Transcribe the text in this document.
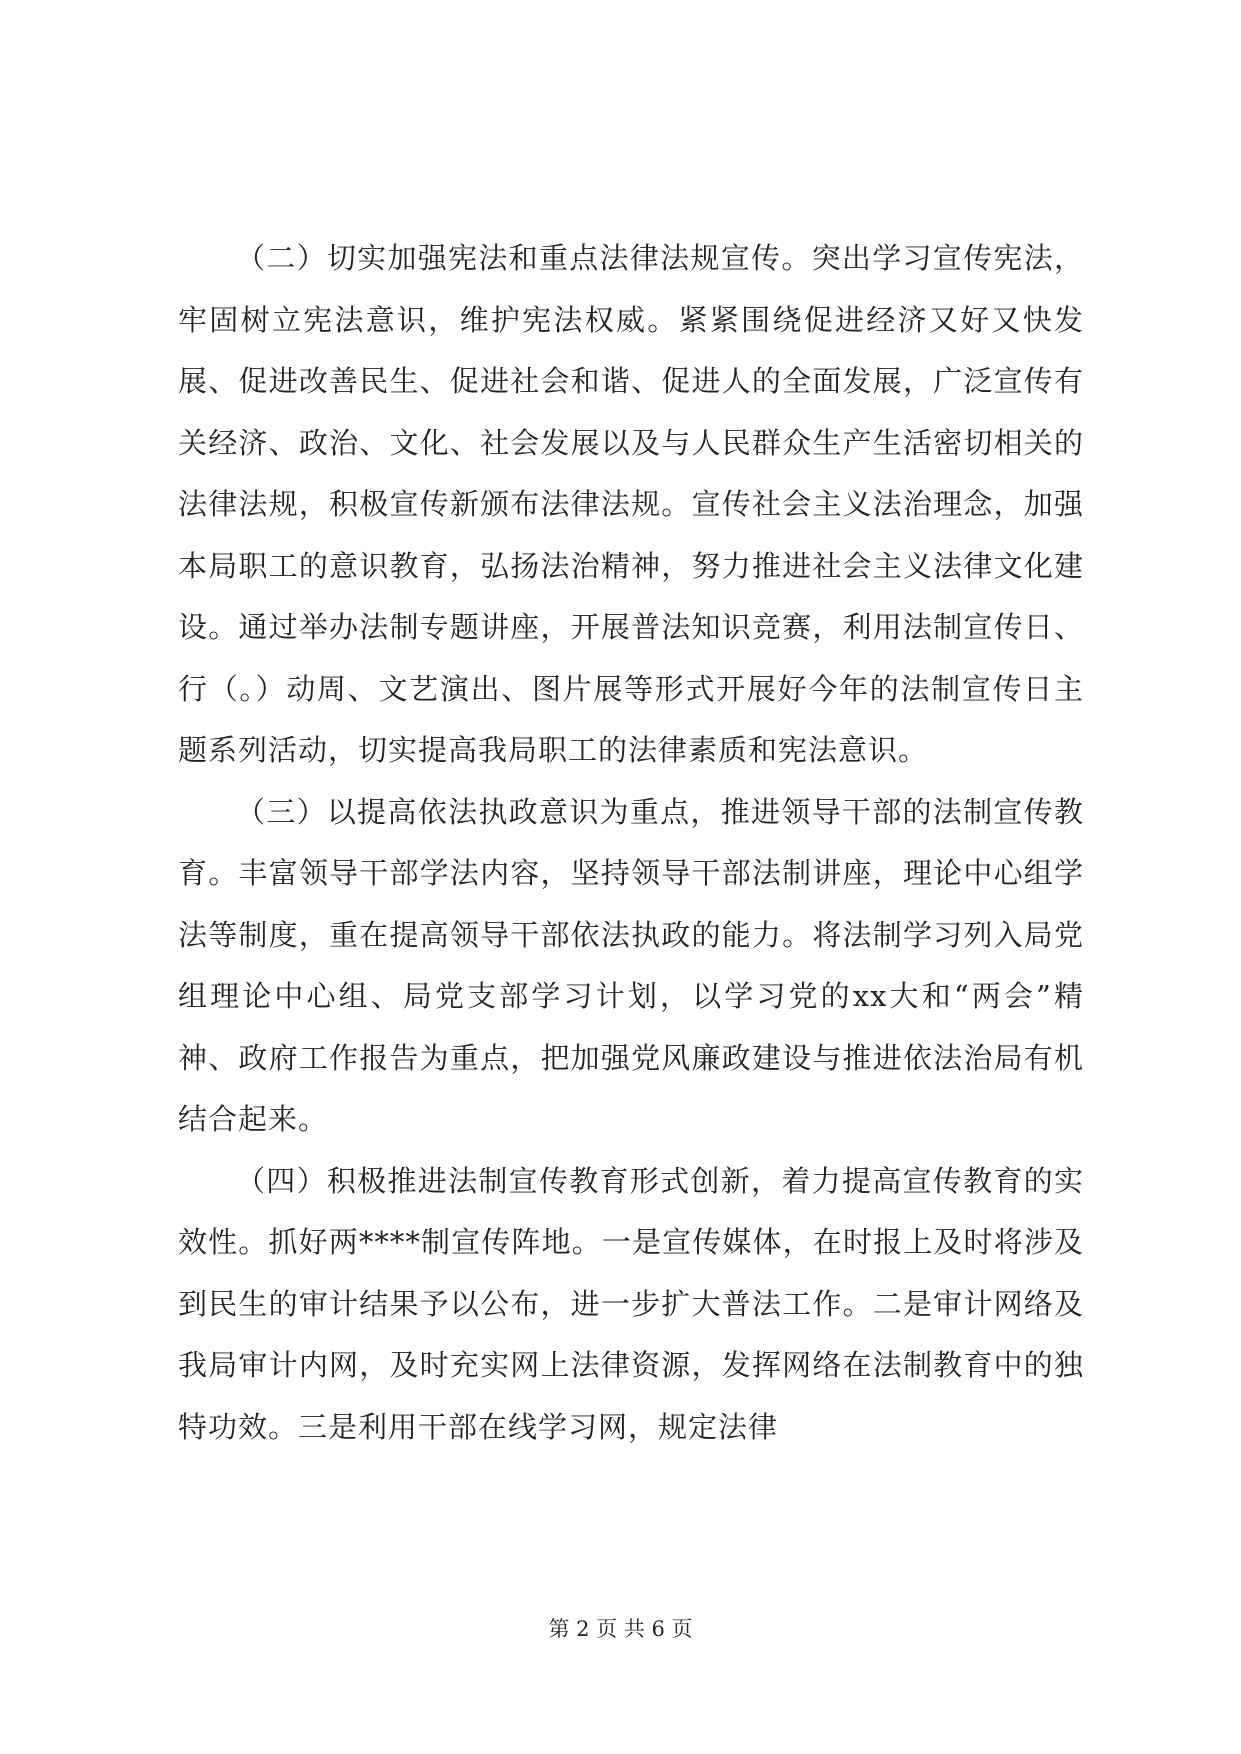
（二）切实加强宪法和重点法律法规宣传。突出学习宣传宪法，牢固树立宪法意识，维护宪法权威。紧紧围绕促进经济又好又快发展、促进改善民生、促进社会和谐、促进人的全面发展，广泛宣传有关经济、政治、文化、社会发展以及与人民群众生产生活密切相关的法律法规，积极宣传新颁布法律法规。宣传社会主义法治理念，加强本局职工的意识教育，弘扬法治精神，努力推进社会主义法律文化建设。通过举办法制专题讲座，开展普法知识竞赛，利用法制宣传日、行（。）动周、文艺演出、图片展等形式开展好今年的法制宣传日主题系列活动，切实提高我局职工的法律素质和宪法意识。

（三）以提高依法执政意识为重点，推进领导干部的法制宣传教育。丰富领导干部学法内容，坚持领导干部法制讲座，理论中心组学法等制度，重在提高领导干部依法执政的能力。将法制学习列入局党组理论中心组、局党支部学习计划，以学习党的xx大和“两会”精神、政府工作报告为重点，把加强党风廉政建设与推进依法治局有机结合起来。

（四）积极推进法制宣传教育形式创新，着力提高宣传教育的实效性。抓好两****制宣传阵地。一是宣传媒体，在时报上及时将涉及到民生的审计结果予以公布，进一步扩大普法工作。二是审计网络及我局审计内网，及时充实网上法律资源，发挥网络在法制教育中的独特功效。三是利用干部在线学习网，规定法律

第 2 页 共 6 页
